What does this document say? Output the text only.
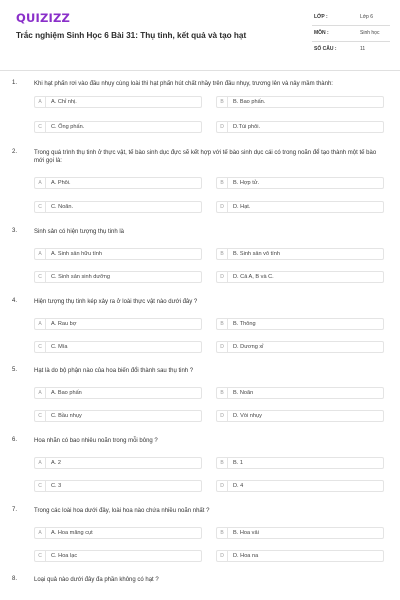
QUIZIZZ
Trắc nghiệm Sinh Học 6 Bài 31: Thụ tinh, kết quả và tạo hạt
LỚP :	Lớp 6
MÔN :	Sinh học
SỐ CÂU :	11
1.	Khi hạt phấn rơi vào đầu nhụy cùng loài thì hạt phấn hút chất nhầy trên đầu nhụy, trương lên và nảy mầm thành:
A	A. Chỉ nhị.	B	B. Bao phấn.
C	C. Ống phấn.	D	D.Túi phôi.
2.	Trong quá trình thụ tinh ở thực vật, tế bào sinh dục đực sẽ kết hợp với tế bào sinh dục cái có trong noãn để tạo thành một tế bào mới gọi là:
A	A. Phôi.	B	B. Hợp tử.
C	C. Noãn.	D	D. Hạt.
3.	Sinh sản có hiện tượng thụ tinh là
A	A. Sinh sản hữu tính	B	B. Sinh sản vô tính
C	C. Sinh sản sinh dưỡng	D	D. Cả A, B và C.
4.	Hiện tượng thụ tinh kép xảy ra ở loài thực vật nào dưới đây ?
A	A. Rau bợ	B	B. Thông
C	C. Mía	D	D. Dương xỉ
5.	Hạt là do bộ phận nào của hoa biến đổi thành sau thụ tinh ?
A	A. Bao phấn	B	B. Noãn
C	C. Bầu nhụy	D	D. Vòi nhụy
6.	Hoa nhãn có bao nhiêu noãn trong mỗi bông ?
A	A. 2	B	B. 1
C	C. 3	D	D. 4
7.	Trong các loài hoa dưới đây, loài hoa nào chứa nhiều noãn nhất ?
A	A. Hoa măng cụt	B	B. Hoa vải
C	C. Hoa lạc	D	D. Hoa na
8.	Loại quả nào dưới đây đa phần không có hạt ?
